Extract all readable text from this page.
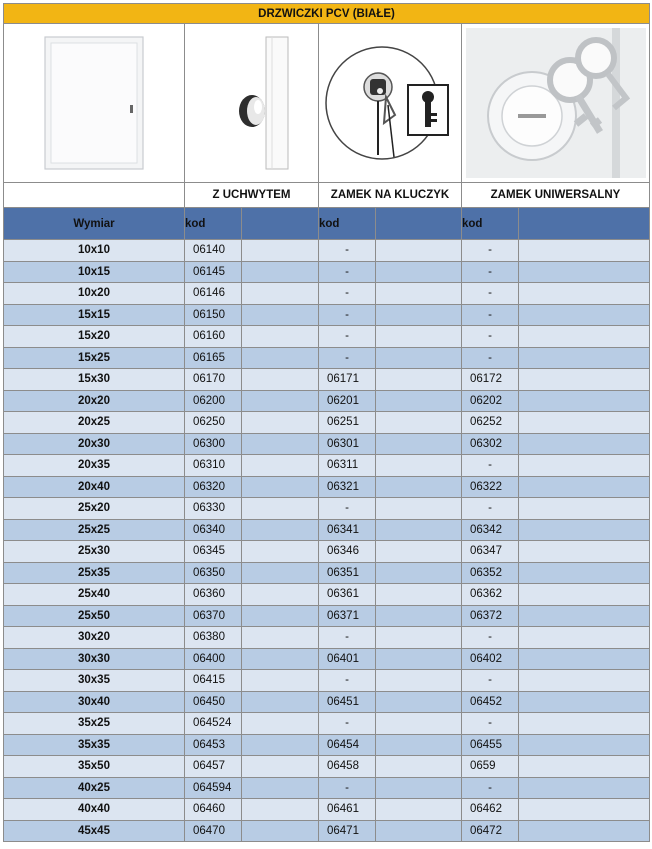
DRZWICZKI PCV (BIAŁE)						

	Z UCHWYTEM		ZAMEK NA KLUCZYK		ZAMEK UNIWERSALNY	
Wymiar	kod		kod		kod	
10x10	06140		-		-	
10x15	06145		-		-	
10x20	06146		-		-	
15x15	06150		-		-	
15x20	06160		-		-	
15x25	06165		-		-	
15x30	06170		06171		06172	
20x20	06200		06201		06202	
20x25	06250		06251		06252	
20x30	06300		06301		06302	
20x35	06310		06311		-	
20x40	06320		06321		06322	
25x20	06330		-		-	
25x25	06340		06341		06342	
25x30	06345		06346		06347	
25x35	06350		06351		06352	
25x40	06360		06361		06362	
25x50	06370		06371		06372	
30x20	06380		-		-	
30x30	06400		06401		06402	
30x35	06415		-		-	
30x40	06450		06451		06452	
35x25	064524		-		-	
35x35	06453		06454		06455	
35x50	06457		06458		0659	
40x25	064594		-		-	
40x40	06460		06461		06462	
45x45	06470		06471		06472	
